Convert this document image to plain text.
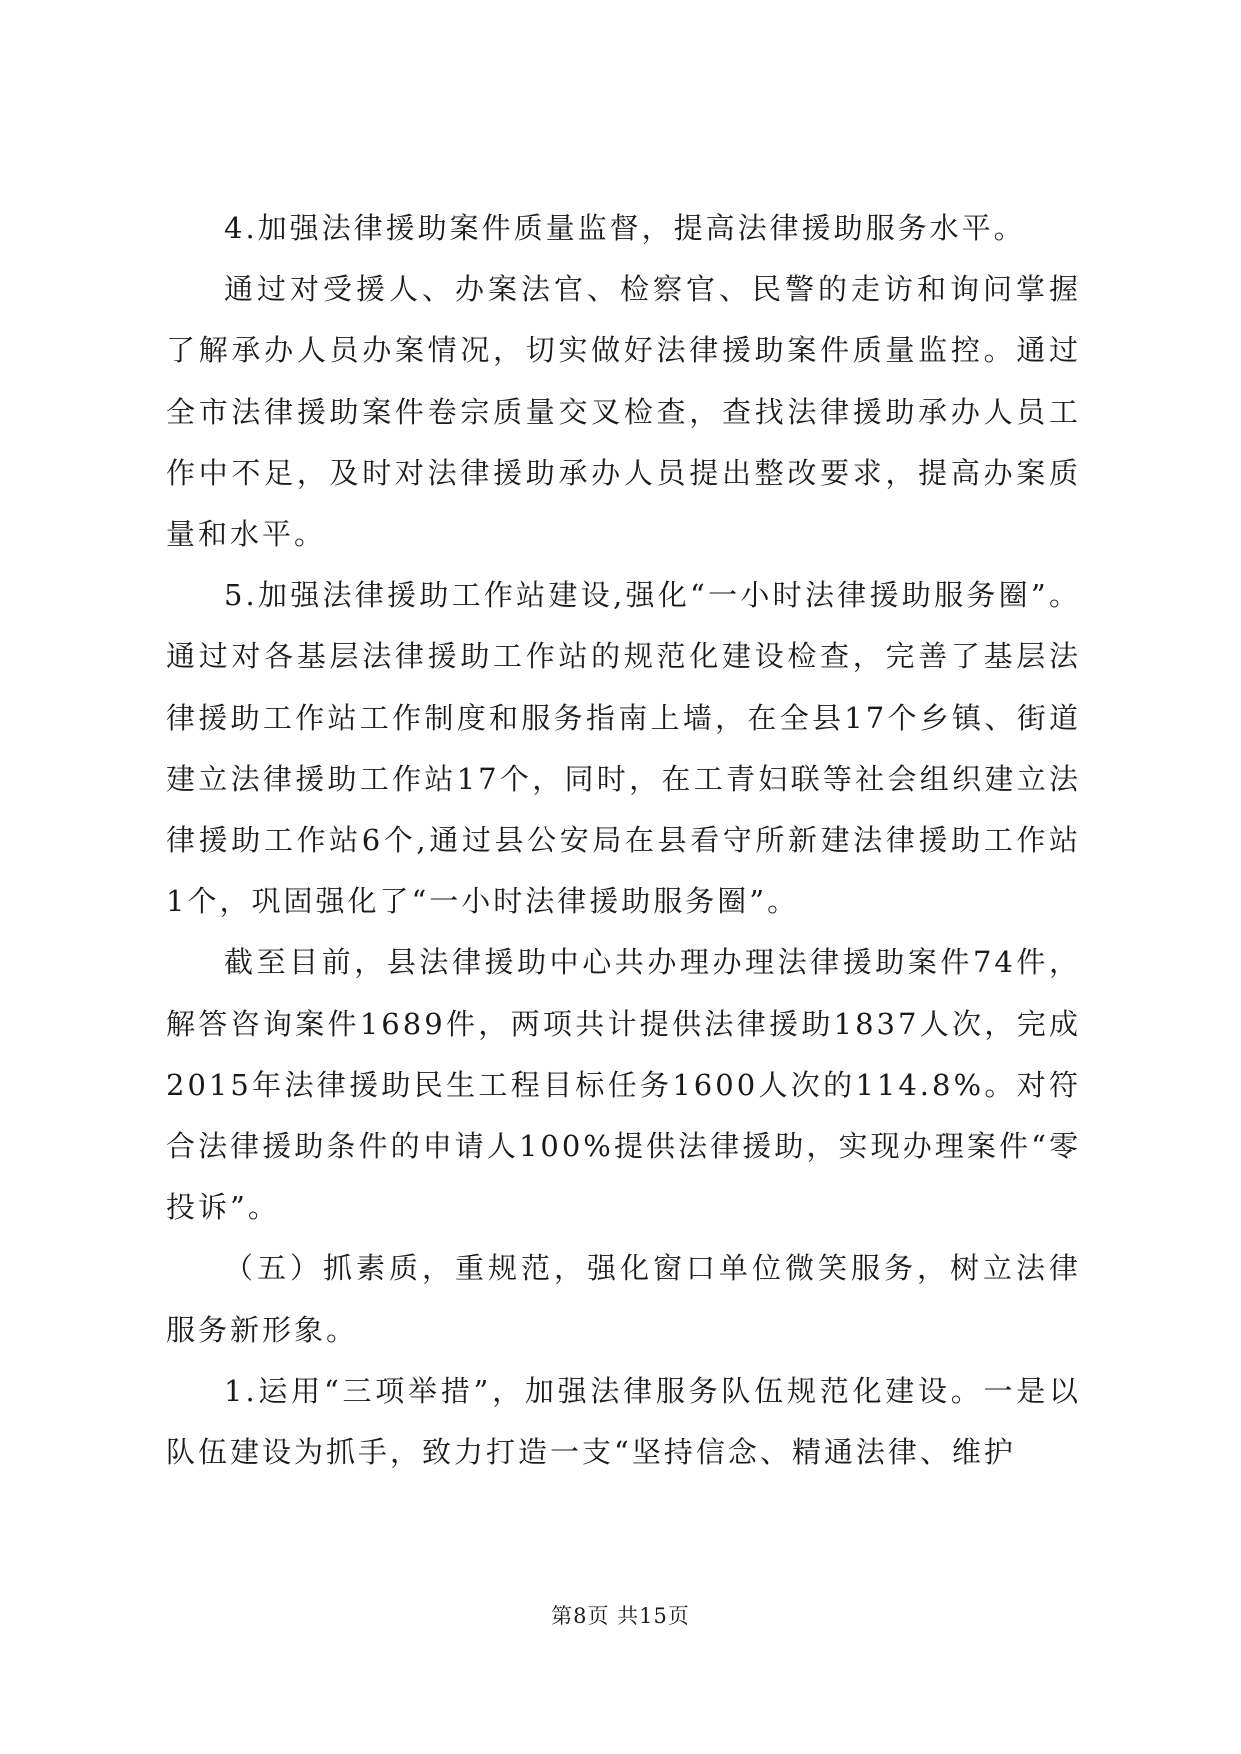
4.加强法律援助案件质量监督，提高法律援助服务水平。

通过对受援人、办案法官、检察官、民警的走访和询问掌握了解承办人员办案情况，切实做好法律援助案件质量监控。通过全市法律援助案件卷宗质量交叉检查，查找法律援助承办人员工作中不足，及时对法律援助承办人员提出整改要求，提高办案质量和水平。

5.加强法律援助工作站建设,强化“一小时法律援助服务圈”。通过对各基层法律援助工作站的规范化建设检查，完善了基层法律援助工作站工作制度和服务指南上墙，在全县17个乡镇、街道建立法律援助工作站17个，同时，在工青妇联等社会组织建立法律援助工作站6个,通过县公安局在县看守所新建法律援助工作站1个，巩固强化了“一小时法律援助服务圈”。

截至目前，县法律援助中心共办理办理法律援助案件74件，解答咨询案件1689件，两项共计提供法律援助1837人次，完成2015年法律援助民生工程目标任务1600人次的114.8%。对符合法律援助条件的申请人100%提供法律援助，实现办理案件“零投诉”。

（五）抓素质，重规范，强化窗口单位微笑服务，树立法律服务新形象。

1.运用“三项举措”，加强法律服务队伍规范化建设。一是以队伍建设为抓手，致力打造一支“坚持信念、精通法律、维护

第8页 共15页
